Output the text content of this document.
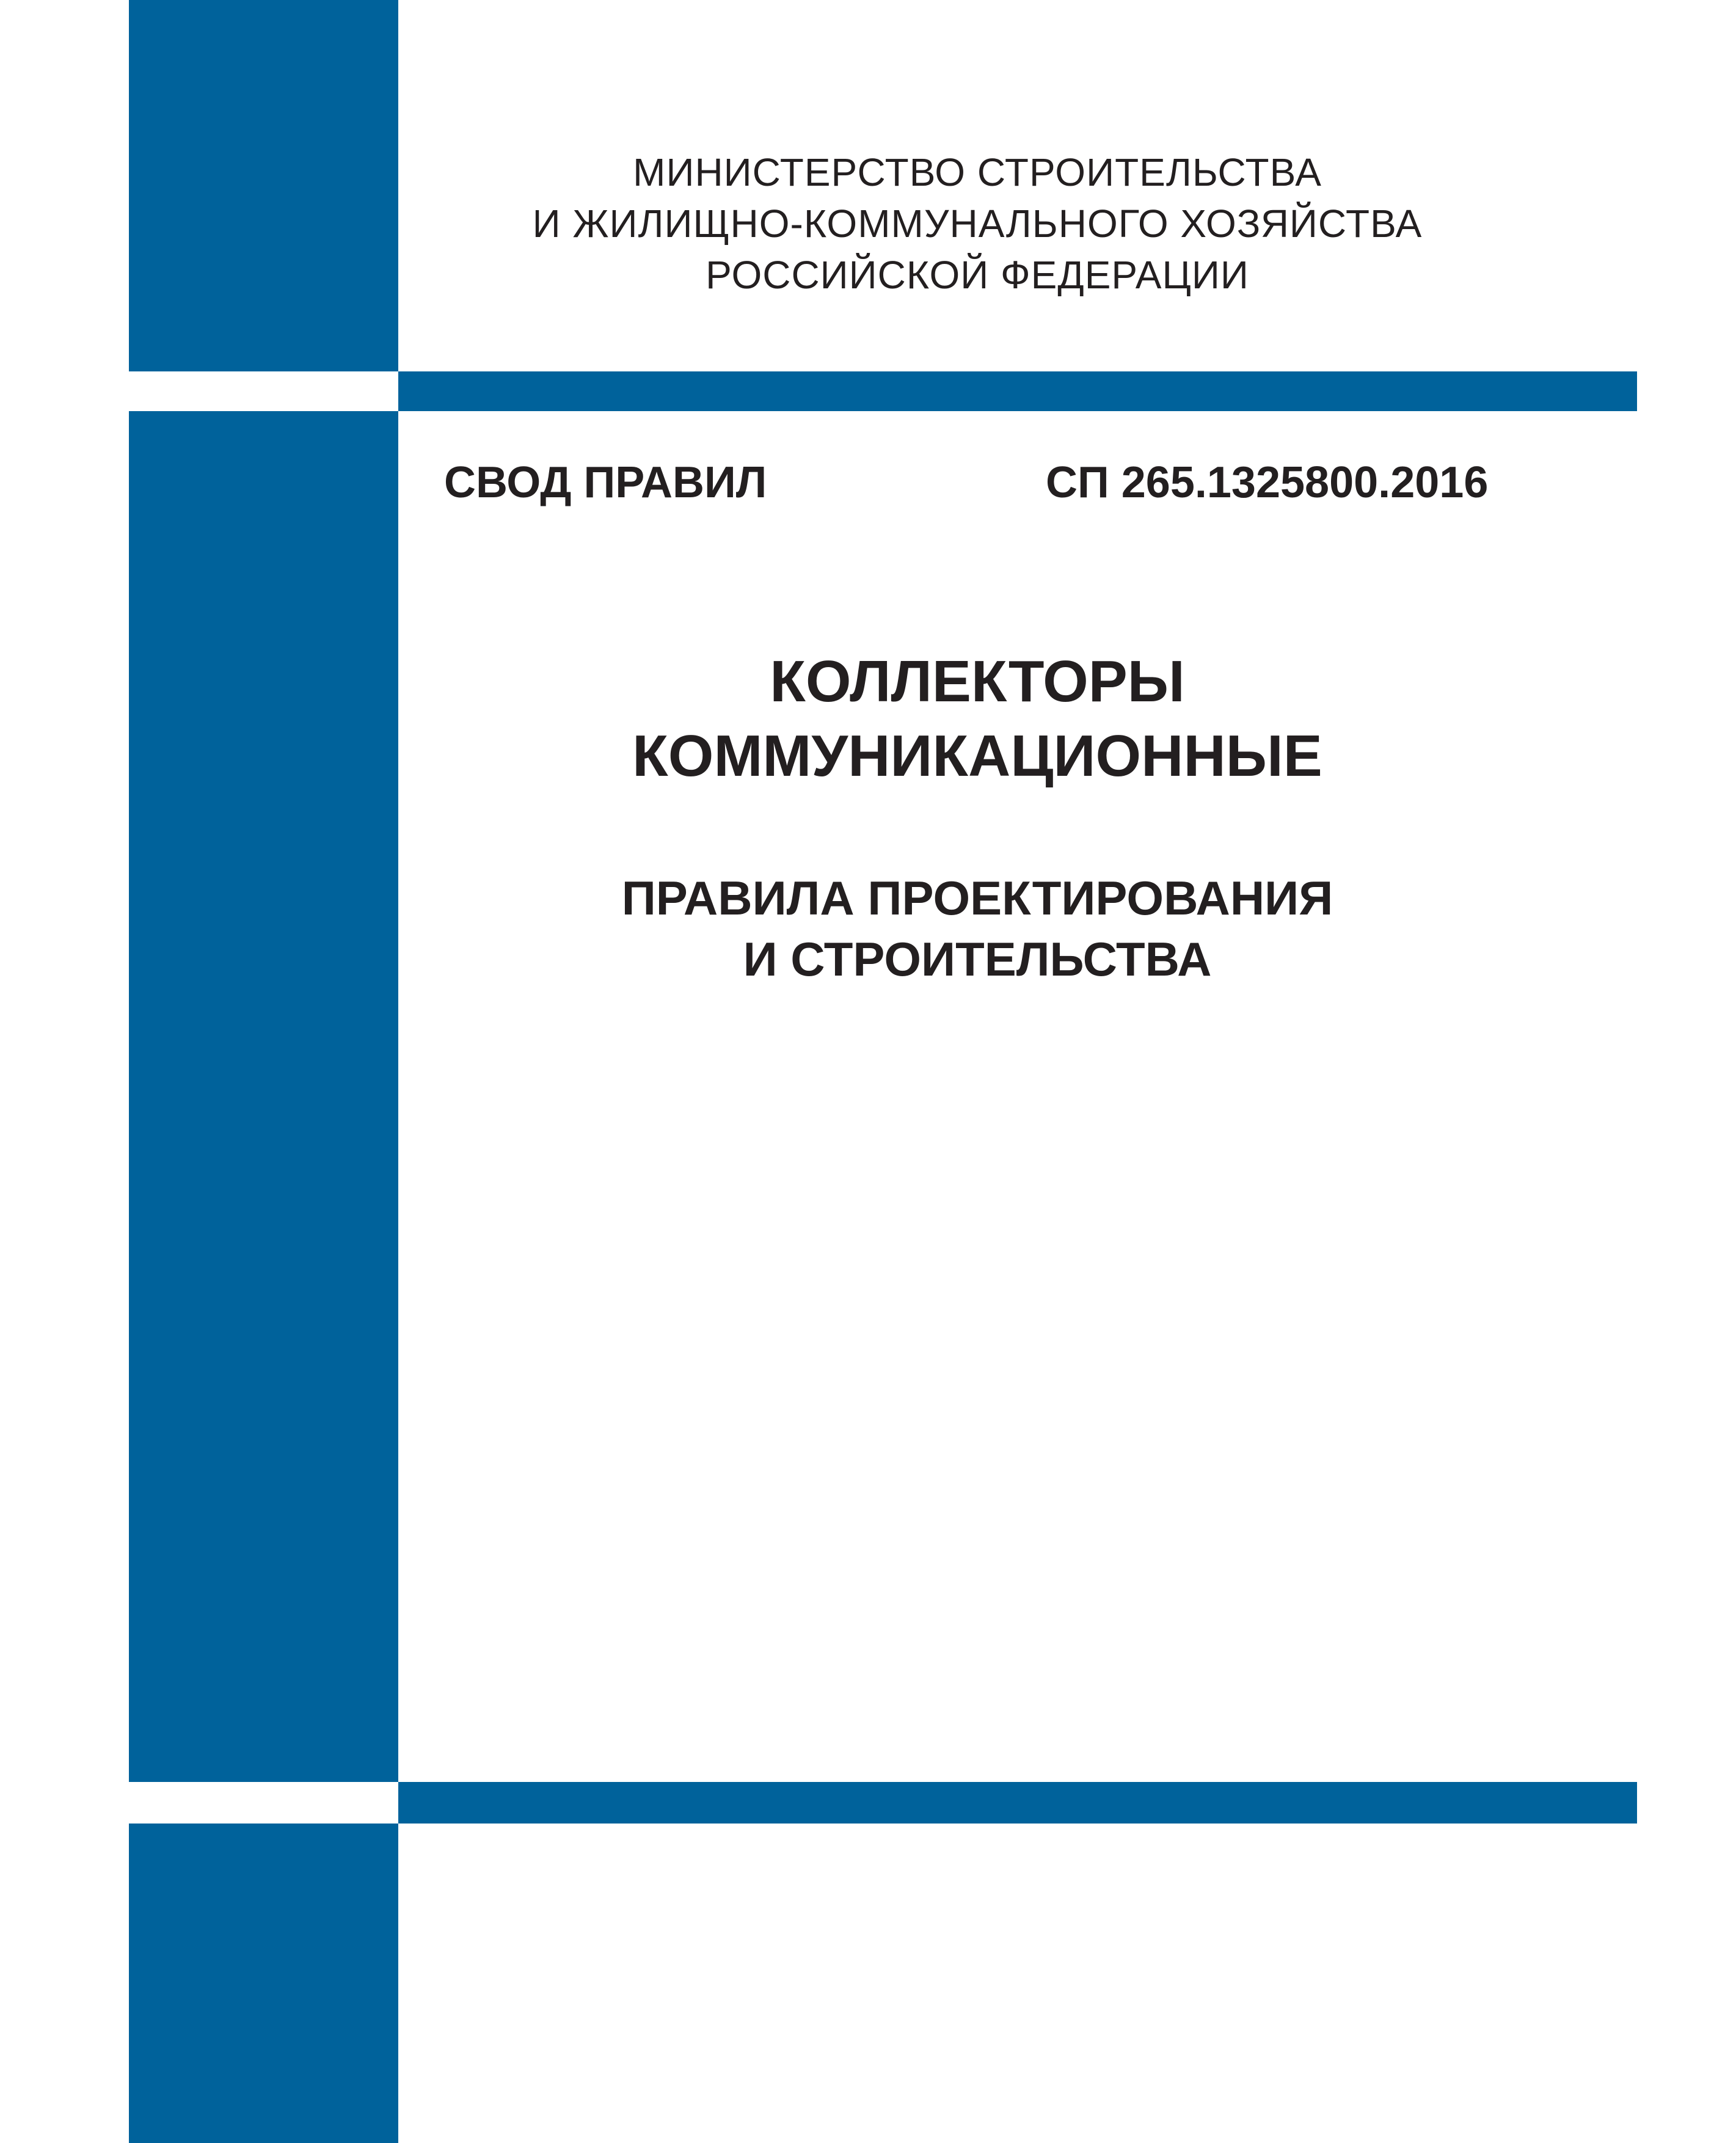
МИНИСТЕРСТВО СТРОИТЕЛЬСТВА
И ЖИЛИЩНО-КОММУНАЛЬНОГО ХОЗЯЙСТВА
РОССИЙСКОЙ ФЕДЕРАЦИИ
СВОД ПРАВИЛ	СП 265.1325800.2016
КОЛЛЕКТОРЫ
КОММУНИКАЦИОННЫЕ
ПРАВИЛА ПРОЕКТИРОВАНИЯ
И СТРОИТЕЛЬСТВА
